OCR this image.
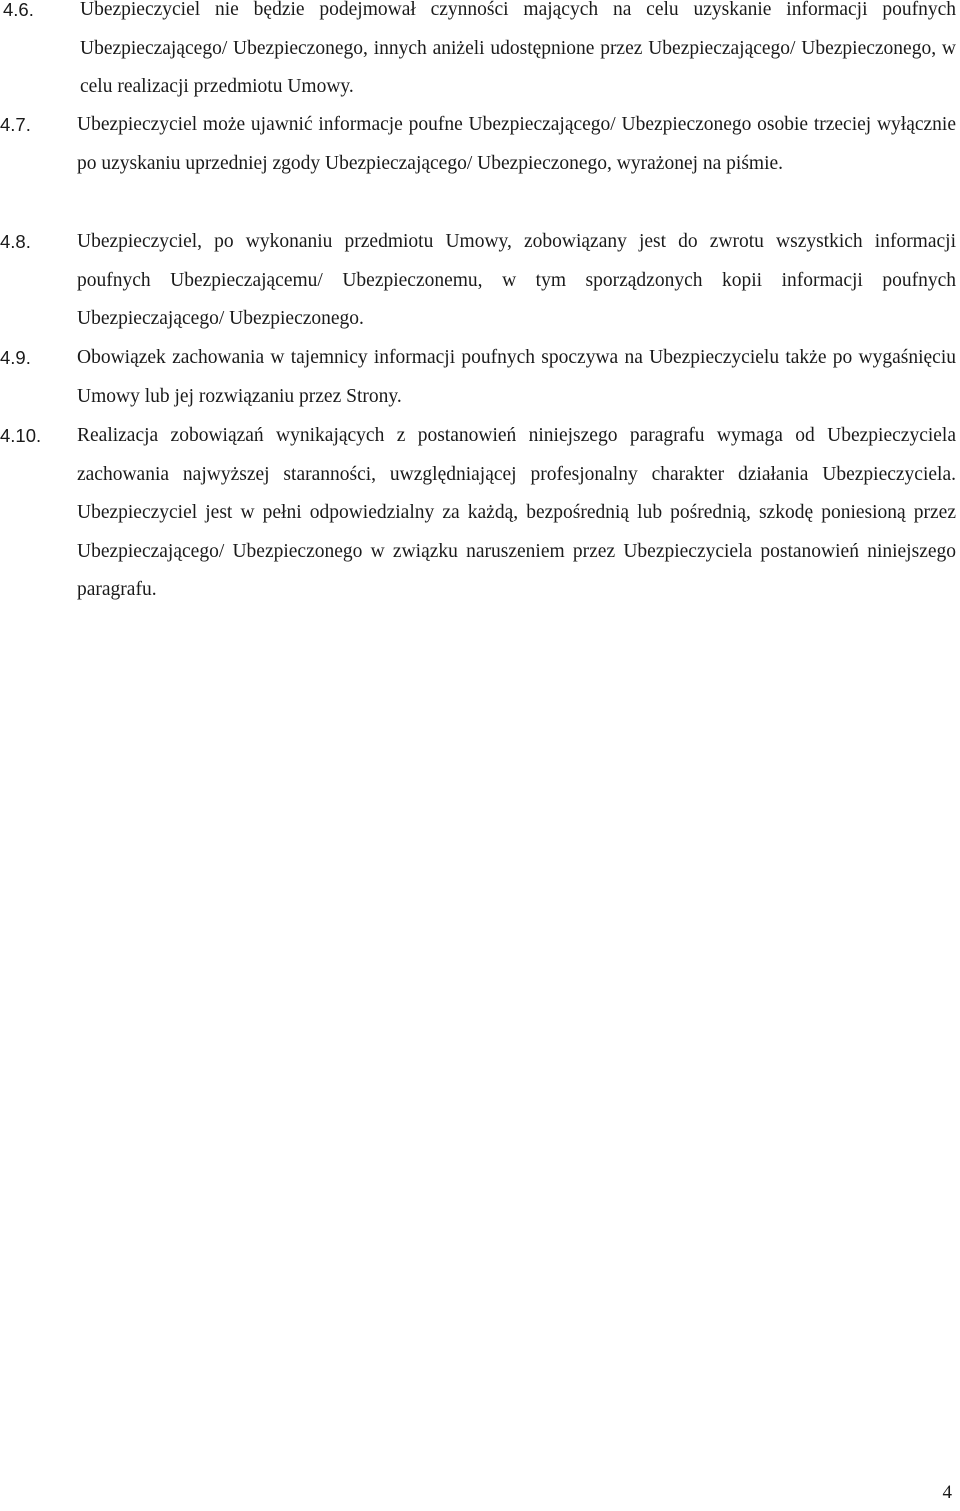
4.6.	Ubezpieczyciel nie będzie podejmował czynności mających na celu uzyskanie informacji poufnych Ubezpieczającego/ Ubezpieczonego, innych aniżeli udostępnione przez Ubezpieczającego/ Ubezpieczonego, w celu realizacji przedmiotu Umowy.

4.7.	Ubezpieczyciel może ujawnić informacje poufne Ubezpieczającego/ Ubezpieczonego osobie trzeciej wyłącznie po uzyskaniu uprzedniej zgody Ubezpieczającego/ Ubezpieczonego, wyrażonej na piśmie.

4.8.	Ubezpieczyciel, po wykonaniu przedmiotu Umowy, zobowiązany jest do zwrotu wszystkich informacji poufnych Ubezpieczającemu/ Ubezpieczonemu, w tym sporządzonych kopii informacji poufnych Ubezpieczającego/ Ubezpieczonego.

4.9.	Obowiązek zachowania w tajemnicy informacji poufnych spoczywa na Ubezpieczycielu także po wygaśnięciu Umowy lub jej rozwiązaniu przez Strony.

4.10.	Realizacja zobowiązań wynikających z postanowień niniejszego paragrafu wymaga od Ubezpieczyciela zachowania najwyższej staranności, uwzględniającej profesjonalny charakter działania Ubezpieczyciela. Ubezpieczyciel jest w pełni odpowiedzialny za każdą, bezpośrednią lub pośrednią, szkodę poniesioną przez Ubezpieczającego/ Ubezpieczonego w związku naruszeniem przez Ubezpieczyciela postanowień niniejszego paragrafu.

4
